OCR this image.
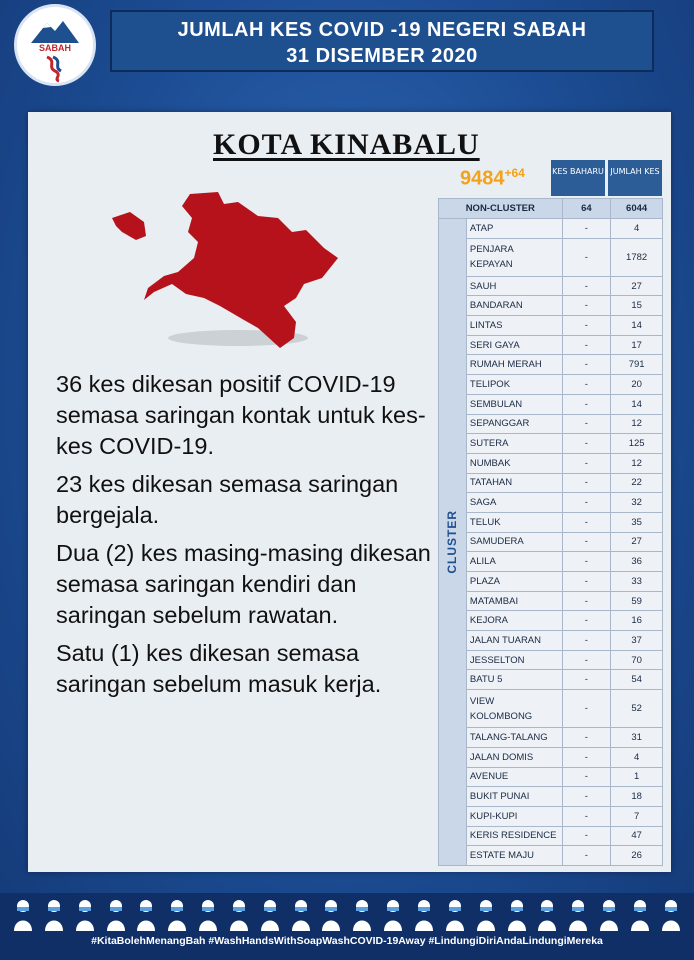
SABAH
JUMLAH KES COVID -19 NEGERI SABAH
31 DISEMBER 2020
KOTA KINABALU
$9484^{+64}$	KES BAHARU JUMLAH KES

36 kes dikesan positif COVID-19 semasa saringan kontak untuk kes-kes COVID-19.

23 kes dikesan semasa saringan bergejala.

Dua (2) kes masing-masing dikesan semasa saringan kendiri dan saringan sebelum rawatan.

Satu (1) kes dikesan semasa saringan sebelum masuk kerja.

NON-CLUSTER		64	6044

CLUSTER	ATAP	-	4
	PENJARA KEPAYAN	-	1782
	SAUH	-	27
	BANDARAN	-	15
	LINTAS	-	14
	SERI GAYA	-	17
	RUMAH MERAH	-	791
	TELIPOK	-	20
	SEMBULAN	-	14
	SEPANGGAR	-	12
	SUTERA	-	125
	NUMBAK	-	12
	TATAHAN	-	22
	SAGA	-	32
	TELUK	-	35
	SAMUDERA	-	27
	ALILA	-	36
	PLAZA	-	33
	MATAMBAI	-	59
	KEJORA	-	16
	JALAN TUARAN	-	37
	JESSELTON	-	70
	BATU 5	-	54
	VIEW KOLOMBONG	-	52
	TALANG-TALANG	-	31
	JALAN DOMIS	-	4
	AVENUE	-	1
	BUKIT PUNAI	-	18
	KUPI-KUPI	-	7
	KERIS RESIDENCE	-	47
	ESTATE MAJU	-	26
#KitaBolehMenangBah #WashHandsWithSoapWashCOVID-19Away #LindungiDiriAndaLindungiMereka
